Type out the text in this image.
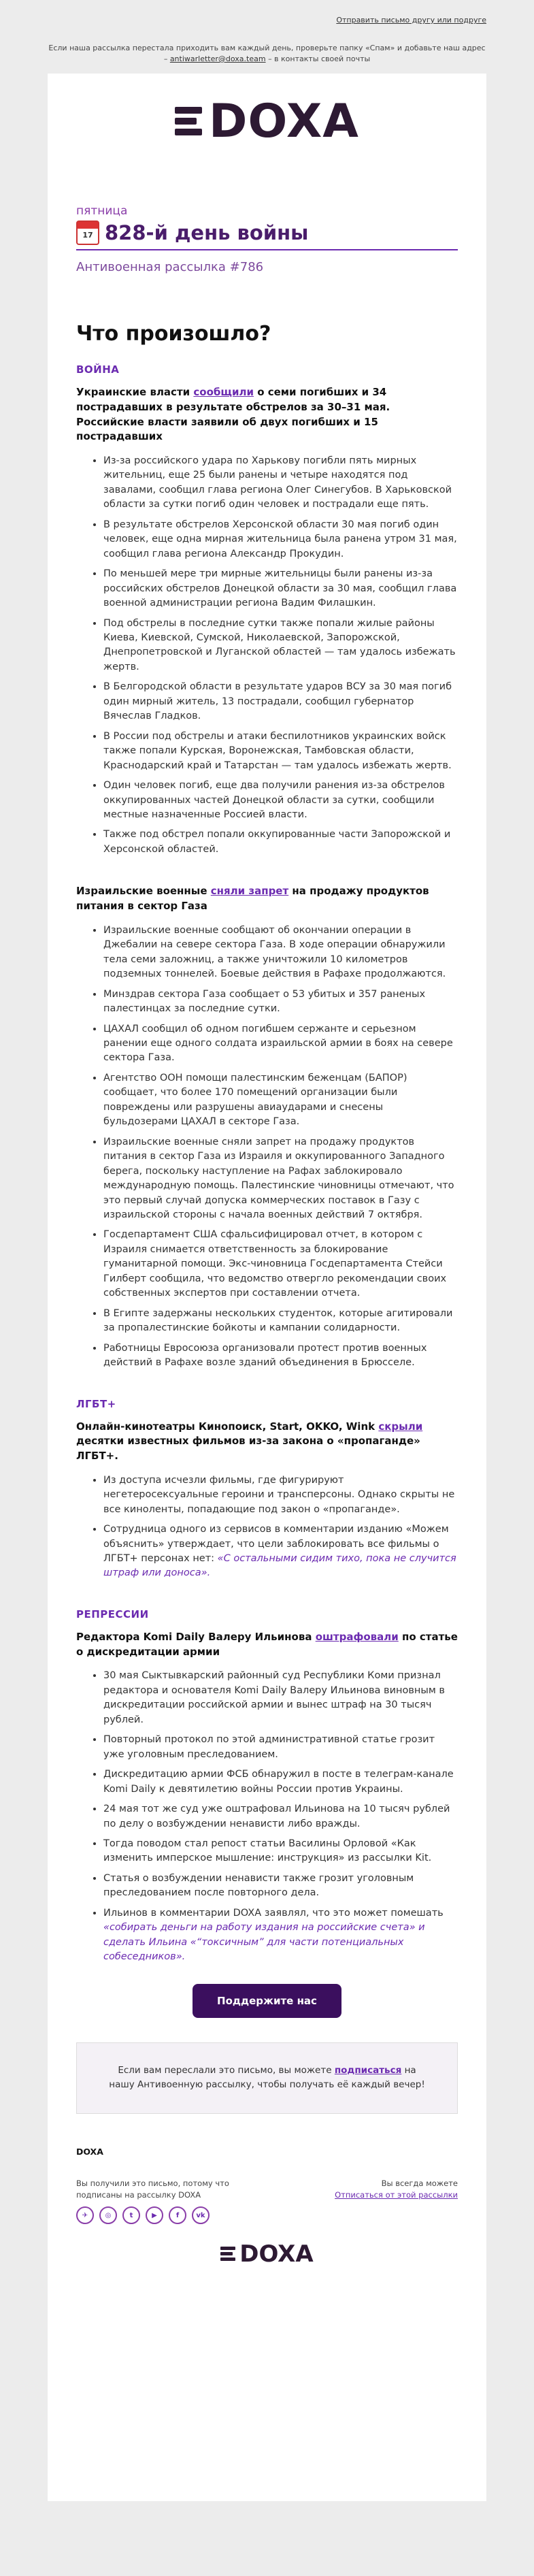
Отправить письмо другу или подруге
Если наша рассылка перестала приходить вам каждый день, проверьте папку «Спам» и добавьте наш адрес – antiwarletter@doxa.team – в контакты своей почты
DOXA
пятница
17 828-й день войны
Антивоенная рассылка #786
Что произошло?
ВОЙНА

Украинские власти сообщили о семи погибших и 34 пострадавших в результате обстрелов за 30–31 мая. Российские власти заявили об двух погибших и 15 пострадавших

• Из-за российского удара по Харькову погибли пять мирных жительниц, еще 25 были ранены и четыре находятся под завалами, сообщил глава региона Олег Синегубов. В Харьковской области за сутки погиб один человек и пострадали еще пять.
• В результате обстрелов Херсонской области 30 мая погиб один человек, еще одна мирная жительница была ранена утром 31 мая, сообщил глава региона Александр Прокудин.
• По меньшей мере три мирные жительницы были ранены из-за российских обстрелов Донецкой области за 30 мая, сообщил глава военной администрации региона Вадим Филашкин.
• Под обстрелы в последние сутки также попали жилые районы Киева, Киевской, Сумской, Николаевской, Запорожской, Днепропетровской и Луганской областей — там удалось избежать жертв.
• В Белгородской области в результате ударов ВСУ за 30 мая погиб один мирный житель, 13 пострадали, сообщил губернатор Вячеслав Гладков.
• В России под обстрелы и атаки беспилотников украинских войск также попали Курская, Воронежская, Тамбовская области, Краснодарский край и Татарстан — там удалось избежать жертв.
• Один человек погиб, еще два получили ранения из-за обстрелов оккупированных частей Донецкой области за сутки, сообщили местные назначенные Россией власти.
• Также под обстрел попали оккупированные части Запорожской и Херсонской областей.

Израильские военные сняли запрет на продажу продуктов питания в сектор Газа

• Израильские военные сообщают об окончании операции в Джебалии на севере сектора Газа. В ходе операции обнаружили тела семи заложниц, а также уничтожили 10 километров подземных тоннелей. Боевые действия в Рафахе продолжаются.
• Минздрав сектора Газа сообщает о 53 убитых и 357 раненых палестинцах за последние сутки.
• ЦАХАЛ сообщил об одном погибшем сержанте и серьезном ранении еще одного солдата израильской армии в боях на севере сектора Газа.
• Агентство ООН помощи палестинским беженцам (БАПОР) сообщает, что более 170 помещений организации были повреждены или разрушены авиаударами и снесены бульдозерами ЦАХАЛ в секторе Газа.
• Израильские военные сняли запрет на продажу продуктов питания в сектор Газа из Израиля и оккупированного Западного берега, поскольку наступление на Рафах заблокировало международную помощь. Палестинские чиновницы отмечают, что это первый случай допуска коммерческих поставок в Газу с израильской стороны с начала военных действий 7 октября.
• Госдепартамент США сфальсифицировал отчет, в котором с Израиля снимается ответственность за блокирование гуманитарной помощи. Экс-чиновница Госдепартамента Стейси Гилберт сообщила, что ведомство отвергло рекомендации своих собственных экспертов при составлении отчета.
• В Египте задержаны нескольких студенток, которые агитировали за пропалестинские бойкоты и кампании солидарности.
• Работницы Евросоюза организовали протест против военных действий в Рафахе возле зданий объединения в Брюсселе.
ЛГБТ+

Онлайн-кинотеатры Кинопоиск, Start, OKKO, Wink скрыли десятки известных фильмов из-за закона о «пропаганде» ЛГБТ+.

• Из доступа исчезли фильмы, где фигурируют негетеросексуальные героини и трансперсоны. Однако скрыты не все киноленты, попадающие под закон о «пропаганде».
• Сотрудница одного из сервисов в комментарии изданию «Можем объяснить» утверждает, что цели заблокировать все фильмы о ЛГБТ+ персонах нет: «С остальными сидим тихо, пока не случится штраф или доноса».
РЕПРЕССИИ

Редактора Komi Daily Валеру Ильинова оштрафовали по статье о дискредитации армии

• 30 мая Сыктывкарский районный суд Республики Коми признал редактора и основателя Komi Daily Валеру Ильинова виновным в дискредитации российской армии и вынес штраф на 30 тысяч рублей.
• Повторный протокол по этой административной статье грозит уже уголовным преследованием.
• Дискредитацию армии ФСБ обнаружил в посте в телеграм-канале Komi Daily к девятилетию войны России против Украины.
• 24 мая тот же суд уже оштрафовал Ильинова на 10 тысяч рублей по делу о возбуждении ненависти либо вражды.
• Тогда поводом стал репост статьи Василины Орловой «Как изменить имперское мышление: инструкция» из рассылки Kit.
• Статья о возбуждении ненависти также грозит уголовным преследованием после повторного дела.
• Ильинов в комментарии DOXA заявлял, что это может помешать «собирать деньги на работу издания на российские счета» и сделать Ильина «“токсичным” для части потенциальных собеседников».
Поддержите нас
Если вам переслали это письмо, вы можете подписаться на нашу Антивоенную рассылку, чтобы получать её каждый вечер!
DOXA
Вы получили это письмо, потому что подписаны на рассылку DOXA
✈	◎	t	▶	f	vk
Вы всегда можете
Отписаться от этой рассылки
DOXA
